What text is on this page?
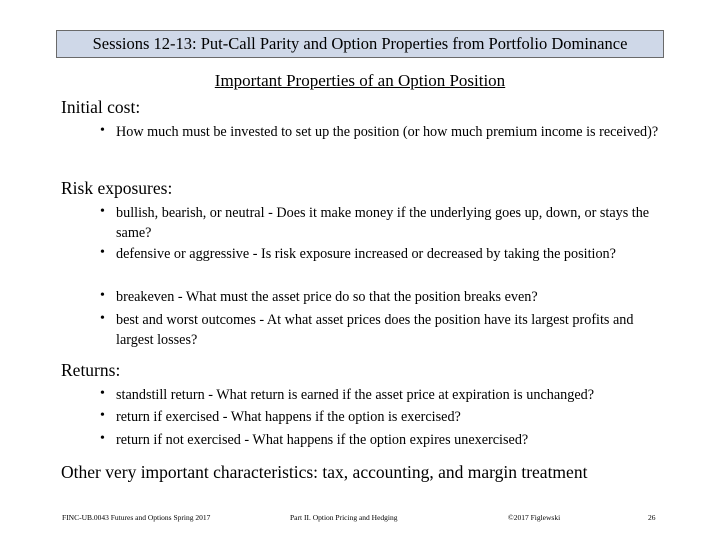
Sessions 12-13: Put-Call Parity and Option Properties from Portfolio Dominance
Important Properties of an Option Position
Initial cost:
• How much must be invested to set up the position (or how much premium income is received)?
Risk exposures:
• bullish, bearish, or neutral - Does it make money if the underlying goes up, down, or stays the same?
• defensive or aggressive - Is risk exposure increased or decreased by taking the position?
• breakeven - What must the asset price do so that the position breaks even?
• best and worst outcomes - At what asset prices does the position have its largest profits and largest losses?
Returns:
• standstill return - What return is earned if the asset price at expiration is unchanged?
• return if exercised - What happens if the option is exercised?
• return if not exercised - What happens if the option expires unexercised?
Other very important characteristics: tax, accounting, and margin treatment
FINC-UB.0043 Futures and Options Spring 2017	Part II. Option Pricing and Hedging	©2017 Figlewski	26
